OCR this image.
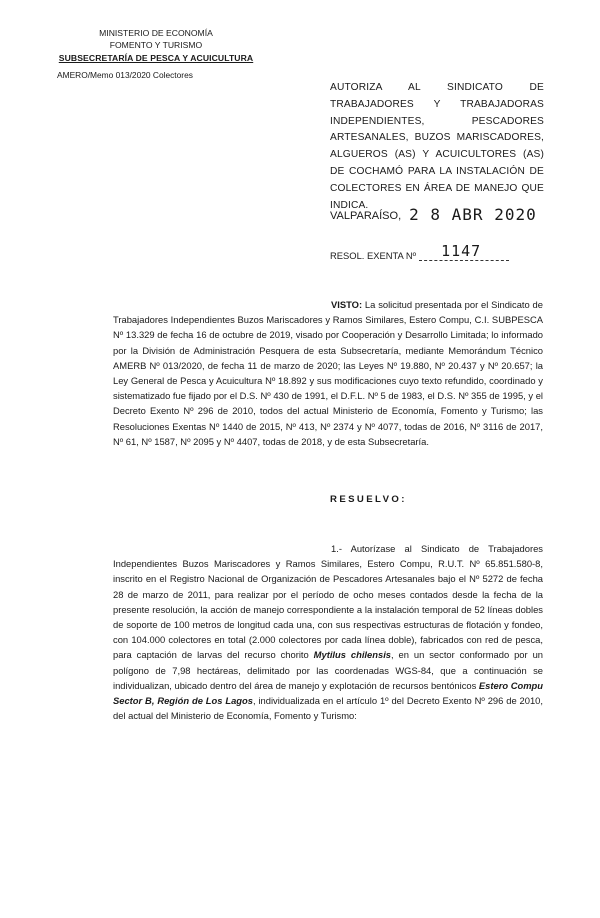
MINISTERIO DE ECONOMÍA
FOMENTO Y TURISMO
SUBSECRETARÍA DE PESCA Y ACUICULTURA
AMERO/Memo 013/2020 Colectores
AUTORIZA AL SINDICATO DE TRABAJADORES Y TRABAJADORAS INDEPENDIENTES, PESCADORES ARTESANALES, BUZOS MARISCADORES, ALGUEROS (AS) Y ACUICULTORES (AS) DE COCHAMÓ PARA LA INSTALACIÓN DE COLECTORES EN ÁREA DE MANEJO QUE INDICA.
VALPARAÍSO, 2 8 ABR 2020
RESOL. EXENTA Nº 1147
VISTO: La solicitud presentada por el Sindicato de Trabajadores Independientes Buzos Mariscadores y Ramos Similares, Estero Compu, C.I. SUBPESCA Nº 13.329 de fecha 16 de octubre de 2019, visado por Cooperación y Desarrollo Limitada; lo informado por la División de Administración Pesquera de esta Subsecretaría, mediante Memorándum Técnico AMERB Nº 013/2020, de fecha 11 de marzo de 2020; las Leyes Nº 19.880, Nº 20.437 y Nº 20.657; la Ley General de Pesca y Acuicultura Nº 18.892 y sus modificaciones cuyo texto refundido, coordinado y sistematizado fue fijado por el D.S. Nº 430 de 1991, el D.F.L. Nº 5 de 1983, el D.S. Nº 355 de 1995, y el Decreto Exento Nº 296 de 2010, todos del actual Ministerio de Economía, Fomento y Turismo; las Resoluciones Exentas Nº 1440 de 2015, Nº 413, Nº 2374 y Nº 4077, todas de 2016, Nº 3116 de 2017, Nº 61, Nº 1587, Nº 2095 y Nº 4407, todas de 2018, y de esta Subsecretaría.
RESUELVO:
1.- Autorízase al Sindicato de Trabajadores Independientes Buzos Mariscadores y Ramos Similares, Estero Compu, R.U.T. Nº 65.851.580-8, inscrito en el Registro Nacional de Organización de Pescadores Artesanales bajo el Nº 5272 de fecha 28 de marzo de 2011, para realizar por el período de ocho meses contados desde la fecha de la presente resolución, la acción de manejo correspondiente a la instalación temporal de 52 líneas dobles de soporte de 100 metros de longitud cada una, con sus respectivas estructuras de flotación y fondeo, con 104.000 colectores en total (2.000 colectores por cada línea doble), fabricados con red de pesca, para captación de larvas del recurso chorito Mytilus chilensis, en un sector conformado por un polígono de 7,98 hectáreas, delimitado por las coordenadas WGS-84, que a continuación se individualizan, ubicado dentro del área de manejo y explotación de recursos bentónicos Estero Compu Sector B, Región de Los Lagos, individualizada en el artículo 1º del Decreto Exento Nº 296 de 2010, del actual del Ministerio de Economía, Fomento y Turismo:
